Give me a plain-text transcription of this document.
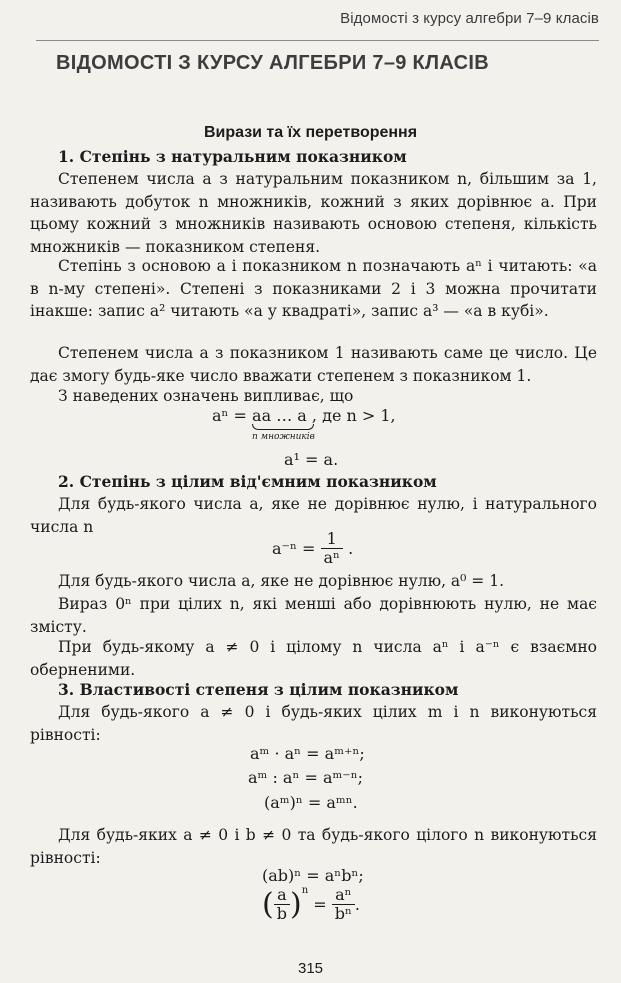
Відомості з курсу алгебри 7–9 класів
ВІДОМОСТІ З КУРСУ АЛГЕБРИ 7–9 КЛАСІВ
Вирази та їх перетворення
1. Степінь з натуральним показником
Степенем числа a з натуральним показником n, більшим за 1, називають добуток n множників, кожний з яких дорівнює a. При цьому кожний з множників називають основою степеня, кількість множників — показником степеня.
Степінь з основою a і показником n позначають aⁿ і читають: «a в n-му степені». Степені з показниками 2 і 3 можна прочитати інакше: запис a² читають «a у квадраті», запис a³ — «a в кубі».
Степенем числа a з показником 1 називають саме це число. Це дає змогу будь-яке число вважати степенем з показником 1.
З наведених означень випливає, що
aⁿ = aa … a , де n > 1,
n множників
a¹ = a.
2. Степінь з цілим від'ємним показником
Для будь-якого числа a, яке не дорівнює нулю, і натурального числа n
$a^{-n} = \frac{1}{\text{aⁿ}}$ .
Для будь-якого числа a, яке не дорівнює нулю, a⁰ = 1.
Вираз 0ⁿ при цілих n, які менші або дорівнюють нулю, не має змісту.
При будь-якому a ≠ 0 і цілому n числа aⁿ і a⁻ⁿ є взаємно оберненими.
3. Властивості степеня з цілим показником
Для будь-якого a ≠ 0 і будь-яких цілих m і n виконуються рівності:
aᵐ · aⁿ = aᵐ⁺ⁿ;
aᵐ : aⁿ = aᵐ⁻ⁿ;
(aᵐ)ⁿ = aᵐⁿ.
Для будь-яких a ≠ 0 і b ≠ 0 та будь-якого цілого n виконуються рівності:
(ab)ⁿ = aⁿbⁿ;
( $\frac{a}{b} )^n = \frac{\text{aⁿ}}{\text{bⁿ}}$ .
315
